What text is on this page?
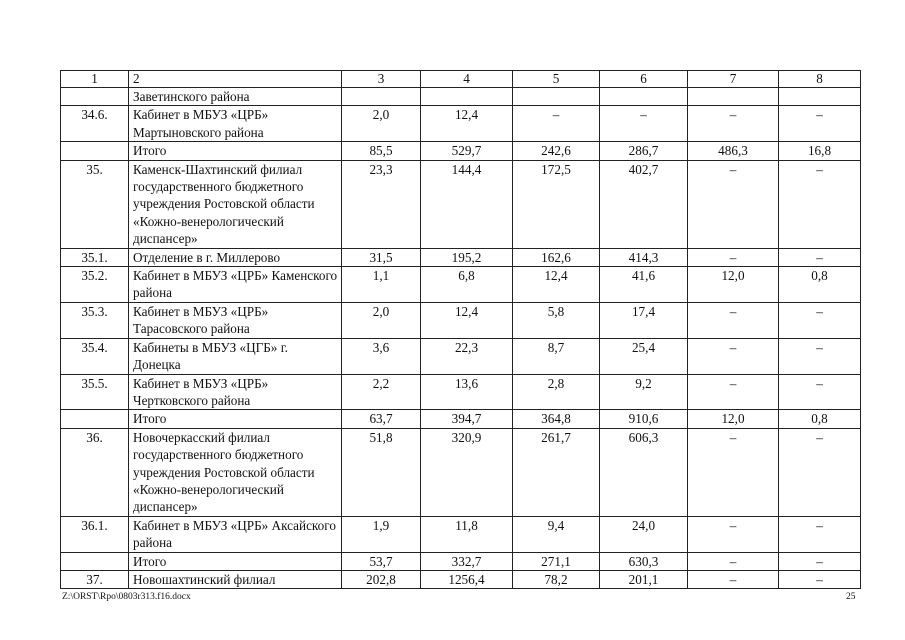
1	2	3	4	5	6	7	8
	Заветинского района						
34.6.	Кабинет в МБУЗ «ЦРБ» Мартыновского района	2,0	12,4	–	–	–	–
	Итого	85,5	529,7	242,6	286,7	486,3	16,8
35.	Каменск-Шахтинский филиал государственного бюджетного учреждения Ростовской области «Кожно-венерологический диспансер»	23,3	144,4	172,5	402,7	–	–
35.1.	Отделение в г. Миллерово	31,5	195,2	162,6	414,3	–	–
35.2.	Кабинет в МБУЗ «ЦРБ» Каменского района	1,1	6,8	12,4	41,6	12,0	0,8
35.3.	Кабинет в МБУЗ «ЦРБ» Тарасовского района	2,0	12,4	5,8	17,4	–	–
35.4.	Кабинеты в МБУЗ «ЦГБ» г. Донецка	3,6	22,3	8,7	25,4	–	–
35.5.	Кабинет в МБУЗ «ЦРБ» Чертковского района	2,2	13,6	2,8	9,2	–	–
	Итого	63,7	394,7	364,8	910,6	12,0	0,8
36.	Новочеркасский филиал государственного бюджетного учреждения Ростовской области «Кожно-венерологический диспансер»	51,8	320,9	261,7	606,3	–	–
36.1.	Кабинет в МБУЗ «ЦРБ» Аксайского района	1,9	11,8	9,4	24,0	–	–
	Итого	53,7	332,7	271,1	630,3	–	–
37.	Новошахтинский филиал	202,8	1256,4	78,2	201,1	–	–
Z:\ORST\Rpo\0803r313.f16.docx	25
